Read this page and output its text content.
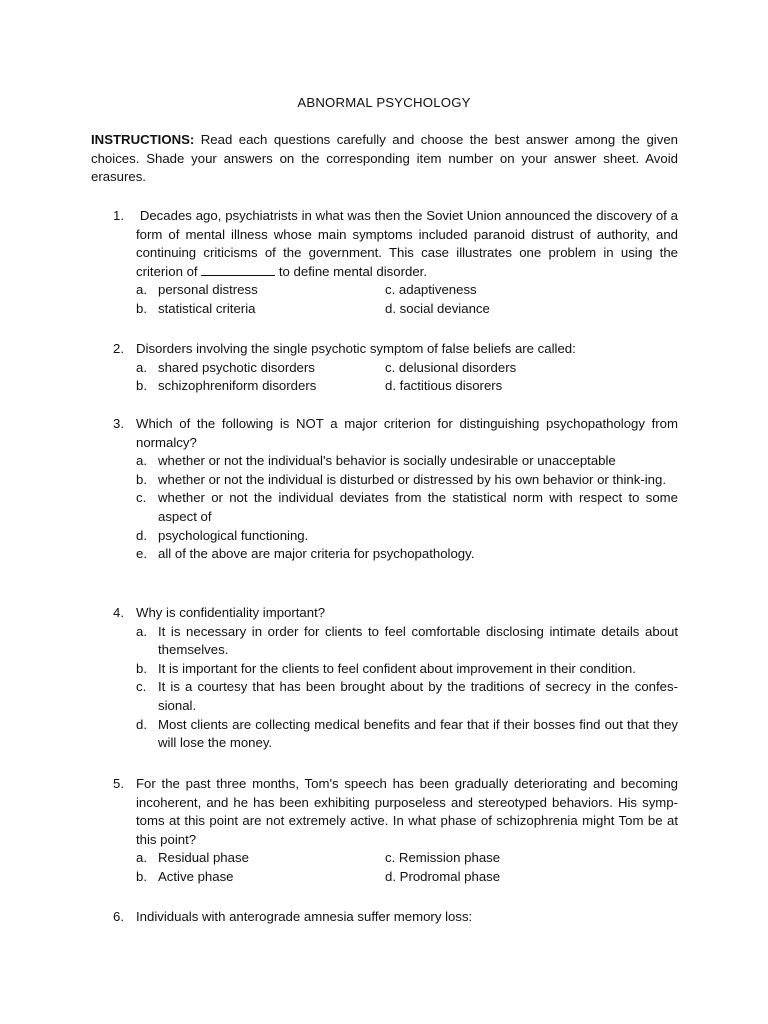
ABNORMAL PSYCHOLOGY
INSTRUCTIONS: Read each questions carefully and choose the best answer among the given choices. Shade your answers on the corresponding item number on your answer sheet. Avoid erasures.
1.	Decades ago, psychiatrists in what was then the Soviet Union announced the discovery of a form of mental illness whose main symptoms included paranoid distrust of authority, and continuing criticisms of the government. This case illustrates one problem in using the criterion of	to define mental disorder.
a. personal distress	c. adaptiveness
b. statistical criteria	d. social deviance
2. Disorders involving the single psychotic symptom of false beliefs are called:
a. shared psychotic disorders	c. delusional disorders
b. schizophreniform disorders	d. factitious disorers
3. Which of the following is NOT a major criterion for distinguishing psychopathology from normalcy?
a. whether or not the individual's behavior is socially undesirable or unacceptable
b. whether or not the individual is disturbed or distressed by his own behavior or think-ing.
c. whether or not the individual deviates from the statistical norm with respect to some aspect of
d. psychological functioning.
e. all of the above are major criteria for psychopathology.
4. Why is confidentiality important?
a. It is necessary in order for clients to feel comfortable disclosing intimate details about themselves.
b. It is important for the clients to feel confident about improvement in their condition.
c. It is a courtesy that has been brought about by the traditions of secrecy in the confes-sional.
d. Most clients are collecting medical benefits and fear that if their bosses find out that they will lose the money.
5. For the past three months, Tom's speech has been gradually deteriorating and becoming incoherent, and he has been exhibiting purposeless and stereotyped behaviors. His symp-toms at this point are not extremely active. In what phase of schizophrenia might Tom be at this point?
a. Residual phase	c. Remission phase
b. Active phase	d. Prodromal phase
6. Individuals with anterograde amnesia suffer memory loss:
